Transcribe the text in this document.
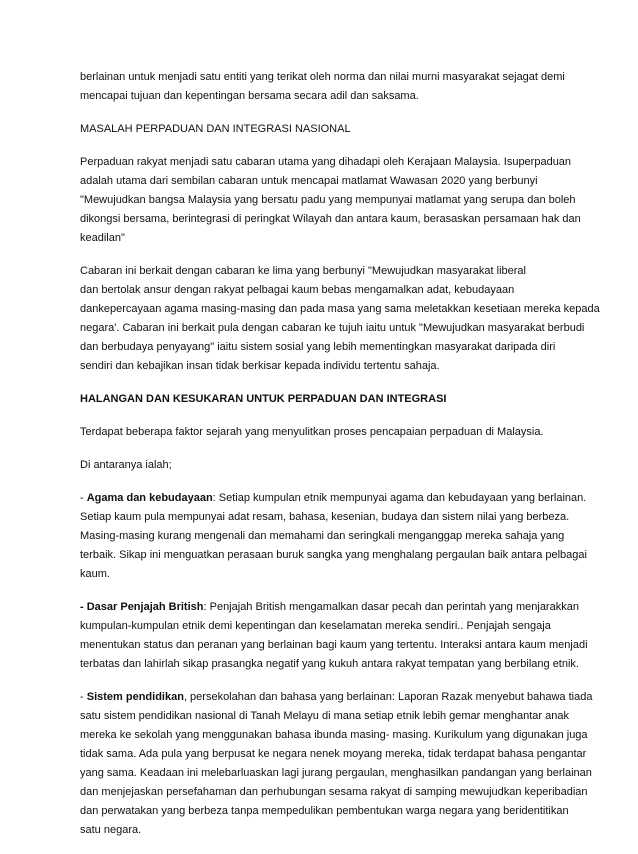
berlainan untuk menjadi satu entiti yang terikat oleh norma dan nilai murni masyarakat sejagat demi
mencapai tujuan dan kepentingan bersama secara adil dan saksama.
MASALAH PERPADUAN DAN INTEGRASI NASIONAL
Perpaduan rakyat menjadi satu cabaran utama yang dihadapi oleh Kerajaan Malaysia. Isuperpaduan
adalah utama dari sembilan cabaran untuk mencapai matlamat Wawasan 2020 yang berbunyi
"Mewujudkan bangsa Malaysia yang bersatu padu yang mempunyai matlamat yang serupa dan boleh
dikongsi bersama, berintegrasi di peringkat Wilayah dan antara kaum, berasaskan persamaan hak dan
keadilan"
Cabaran ini berkait dengan cabaran ke lima yang berbunyi "Mewujudkan masyarakat liberal
dan bertolak ansur dengan rakyat pelbagai kaum bebas mengamalkan adat, kebudayaan
dankepercayaan agama masing-masing dan pada masa yang sama meletakkan kesetiaan mereka kepada
negara'. Cabaran ini berkait pula dengan cabaran ke tujuh iaitu untuk "Mewujudkan masyarakat berbudi
dan berbudaya penyayang" iaitu sistem sosial yang lebih mementingkan masyarakat daripada diri
sendiri dan kebajikan insan tidak berkisar kepada individu tertentu sahaja.
HALANGAN DAN KESUKARAN UNTUK PERPADUAN DAN INTEGRASI
Terdapat beberapa faktor sejarah yang menyulitkan proses pencapaian perpaduan di Malaysia.
Di antaranya ialah;
- Agama dan kebudayaan: Setiap kumpulan etnik mempunyai agama dan kebudayaan yang berlainan.
Setiap kaum pula mempunyai adat resam, bahasa, kesenian, budaya dan sistem nilai yang berbeza.
Masing-masing kurang mengenali dan memahami dan seringkali menganggap mereka sahaja yang
terbaik. Sikap ini menguatkan perasaan buruk sangka yang menghalang pergaulan baik antara pelbagai
kaum.
- Dasar Penjajah British: Penjajah British mengamalkan dasar pecah dan perintah yang menjarakkan
kumpulan-kumpulan etnik demi kepentingan dan keselamatan mereka sendiri.. Penjajah sengaja
menentukan status dan peranan yang berlainan bagi kaum yang tertentu. Interaksi antara kaum menjadi
terbatas dan lahirlah sikap prasangka negatif yang kukuh antara rakyat tempatan yang berbilang etnik.
- Sistem pendidikan, persekolahan dan bahasa yang berlainan: Laporan Razak menyebut bahawa tiada
satu sistem pendidikan nasional di Tanah Melayu di mana setiap etnik lebih gemar menghantar anak
mereka ke sekolah yang menggunakan bahasa ibunda masing- masing. Kurikulum yang digunakan juga
tidak sama. Ada pula yang berpusat ke negara nenek moyang mereka, tidak terdapat bahasa pengantar
yang sama. Keadaan ini melebarluaskan lagi jurang pergaulan, menghasilkan pandangan yang berlainan
dan menjejaskan persefahaman dan perhubungan sesama rakyat di samping mewujudkan keperibadian
dan perwatakan yang berbeza tanpa mempedulikan pembentukan warga negara yang beridentitikan
satu negara.
